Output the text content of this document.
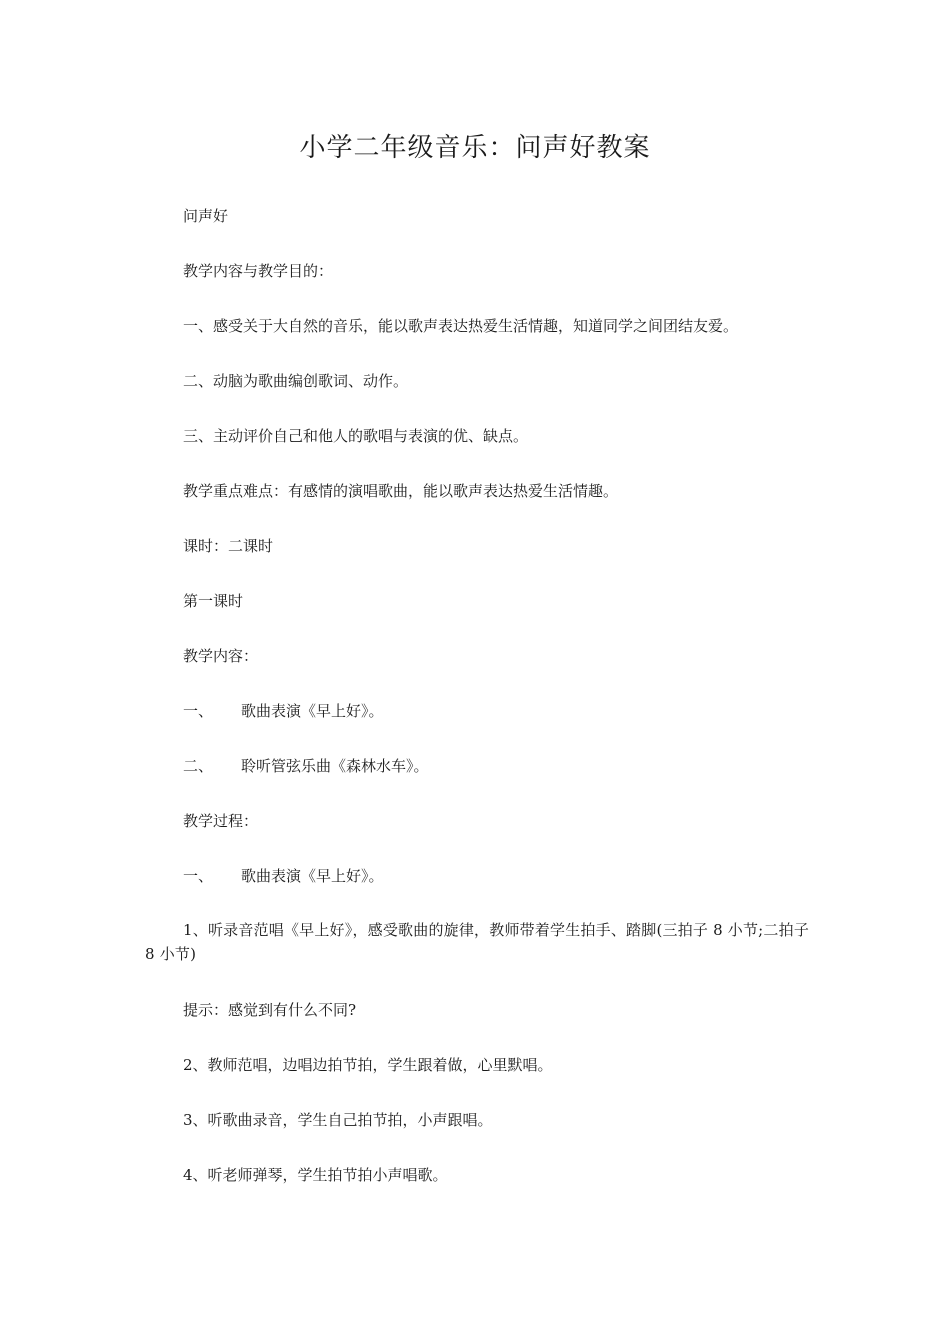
小学二年级音乐：问声好教案

问声好

教学内容与教学目的：

一、感受关于大自然的音乐，能以歌声表达热爱生活情趣，知道同学之间团结友爱。

二、动脑为歌曲编创歌词、动作。

三、主动评价自己和他人的歌唱与表演的优、缺点。

教学重点难点：有感情的演唱歌曲，能以歌声表达热爱生活情趣。

课时：二课时

第一课时

教学内容：

一、 歌曲表演《早上好》。

二、 聆听管弦乐曲《森林水车》。

教学过程：

一、 歌曲表演《早上好》。

1、听录音范唱《早上好》，感受歌曲的旋律，教师带着学生拍手、踏脚(三拍子 8 小节;二拍子 8 小节)

提示：感觉到有什么不同?

2、教师范唱，边唱边拍节拍，学生跟着做，心里默唱。

3、听歌曲录音，学生自己拍节拍，小声跟唱。

4、听老师弹琴，学生拍节拍小声唱歌。
